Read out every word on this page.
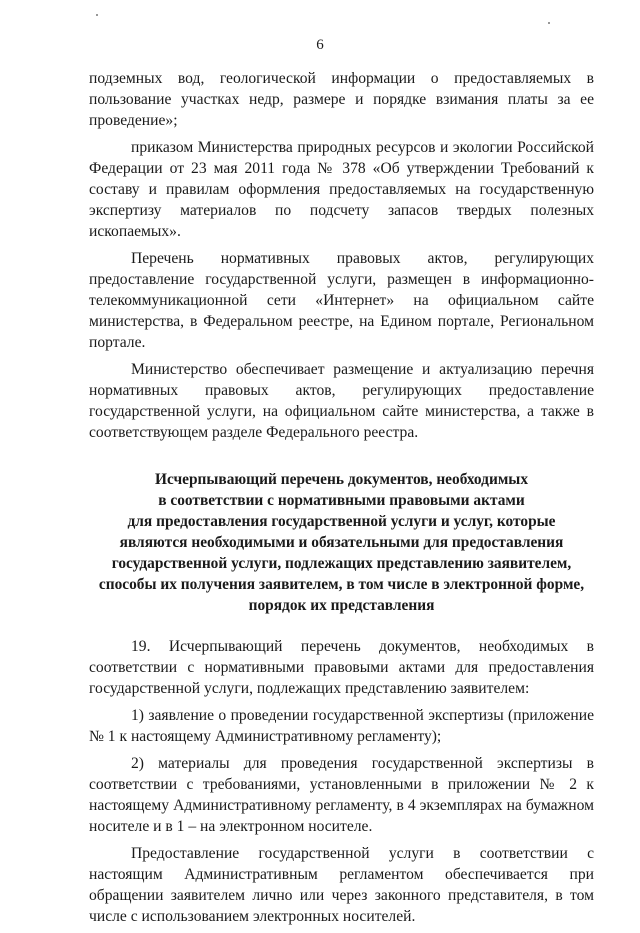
6

подземных вод, геологической информации о предоставляемых в пользование участках недр, размере и порядке взимания платы за ее проведение»;

приказом Министерства природных ресурсов и экологии Российской Федерации от 23 мая 2011 года № 378 «Об утверждении Требований к составу и правилам оформления предоставляемых на государственную экспертизу материалов по подсчету запасов твердых полезных ископаемых».

Перечень нормативных правовых актов, регулирующих предоставление государственной услуги, размещен в информационно-телекоммуникационной сети «Интернет» на официальном сайте министерства, в Федеральном реестре, на Едином портале, Региональном портале.

Министерство обеспечивает размещение и актуализацию перечня нормативных правовых актов, регулирующих предоставление государственной услуги, на официальном сайте министерства, а также в соответствующем разделе Федерального реестра.

Исчерпывающий перечень документов, необходимых
в соответствии с нормативными правовыми актами
для предоставления государственной услуги и услуг, которые
являются необходимыми и обязательными для предоставления
государственной услуги, подлежащих представлению заявителем,
способы их получения заявителем, в том числе в электронной форме,
порядок их представления

19. Исчерпывающий перечень документов, необходимых в соответствии с нормативными правовыми актами для предоставления государственной услуги, подлежащих представлению заявителем:

1) заявление о проведении государственной экспертизы (приложение № 1 к настоящему Административному регламенту);

2) материалы для проведения государственной экспертизы в соответствии с требованиями, установленными в приложении № 2 к настоящему Административному регламенту, в 4 экземплярах на бумажном носителе и в 1 – на электронном носителе.

Предоставление государственной услуги в соответствии с настоящим Административным регламентом обеспечивается при обращении заявителем лично или через законного представителя, в том числе с использованием электронных носителей.
